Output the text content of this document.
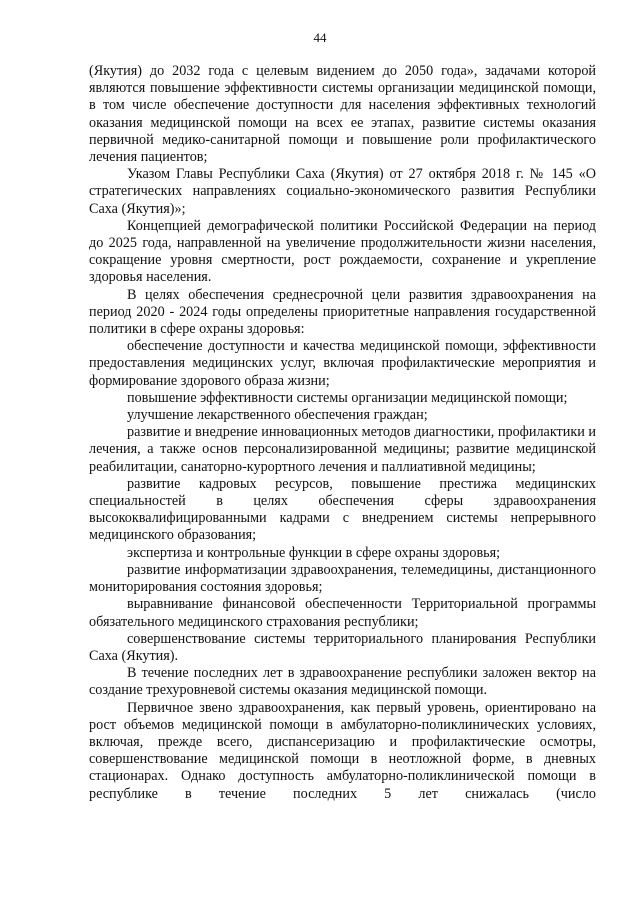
44

(Якутия) до 2032 года с целевым видением до 2050 года», задачами которой являются повышение эффективности системы организации медицинской помощи, в том числе обеспечение доступности для населения эффективных технологий оказания медицинской помощи на всех ее этапах, развитие системы оказания первичной медико-санитарной помощи и повышение роли профилактического лечения пациентов;

Указом Главы Республики Саха (Якутия) от 27 октября 2018 г. № 145 «О стратегических направлениях социально-экономического развития Республики Саха (Якутия)»;

Концепцией демографической политики Российской Федерации на период до 2025 года, направленной на увеличение продолжительности жизни населения, сокращение уровня смертности, рост рождаемости, сохранение и укрепление здоровья населения.

В целях обеспечения среднесрочной цели развития здравоохранения на период 2020 - 2024 годы определены приоритетные направления государственной политики в сфере охраны здоровья:

обеспечение доступности и качества медицинской помощи, эффективности предоставления медицинских услуг, включая профилактические мероприятия и формирование здорового образа жизни;

повышение эффективности системы организации медицинской помощи;

улучшение лекарственного обеспечения граждан;

развитие и внедрение инновационных методов диагностики, профилактики и лечения, а также основ персонализированной медицины; развитие медицинской реабилитации, санаторно-курортного лечения и паллиативной медицины;

развитие кадровых ресурсов, повышение престижа медицинских специальностей в целях обеспечения сферы здравоохранения высококвалифицированными кадрами с внедрением системы непрерывного медицинского образования;

экспертиза и контрольные функции в сфере охраны здоровья;

развитие информатизации здравоохранения, телемедицины, дистанционного мониторирования состояния здоровья;

выравнивание финансовой обеспеченности Территориальной программы обязательного медицинского страхования республики;

совершенствование системы территориального планирования Республики Саха (Якутия).

В течение последних лет в здравоохранение республики заложен вектор на создание трехуровневой системы оказания медицинской помощи.

Первичное звено здравоохранения, как первый уровень, ориентировано на рост объемов медицинской помощи в амбулаторно-поликлинических условиях, включая, прежде всего, диспансеризацию и профилактические осмотры, совершенствование медицинской помощи в неотложной форме, в дневных стационарах. Однако доступность амбулаторно-поликлинической помощи в республике в течение последних 5 лет снижалась (число
